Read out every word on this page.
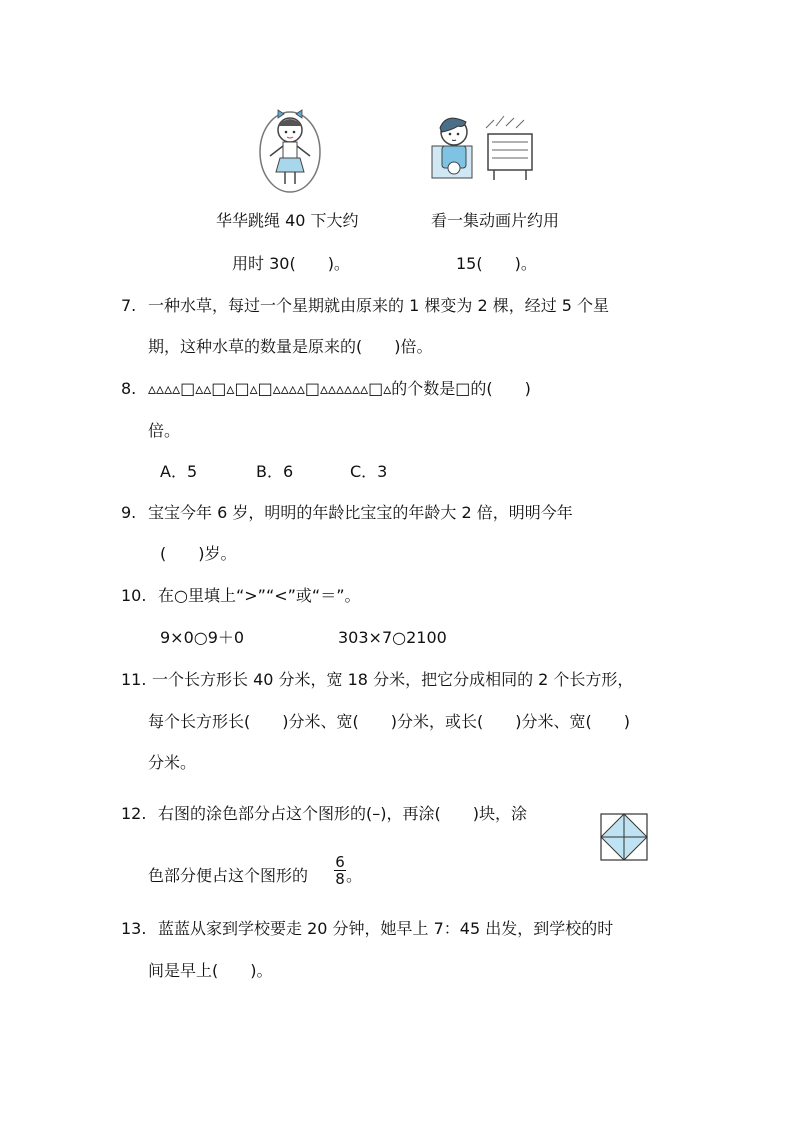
华华跳绳 40 下大约	看一集动画片约用
用时 30(　　)。	15(　　)。
7. 一种水草，每过一个星期就由原来的 1 棵变为 2 棵，经过 5 个星
期，这种水草的数量是原来的(　　)倍。
8. ▵▵▵▵□▵▵□▵□▵□▵▵▵▵□▵▵▵▵▵▵□▵的个数是□的(　　)
倍。
A．5	B．6	C．3
9. 宝宝今年 6 岁，明明的年龄比宝宝的年龄大 2 倍，明明今年
(　　)岁。
10. 在○里填上“>”“<”或“＝”。
9×0○9＋0	303×7○2100
11. 一个长方形长 40 分米，宽 18 分米，把它分成相同的 2 个长方形，
每个长方形长(　　)分米、宽(　　)分米，或长(　　)分米、宽(　　)
分米。
12. 右图的涂色部分占这个图形的(–)，再涂(　　)块，涂
色部分便占这个图形的
6
8 。
13. 蓝蓝从家到学校要走 20 分钟，她早上 7：45 出发，到学校的时
间是早上(　　)。
